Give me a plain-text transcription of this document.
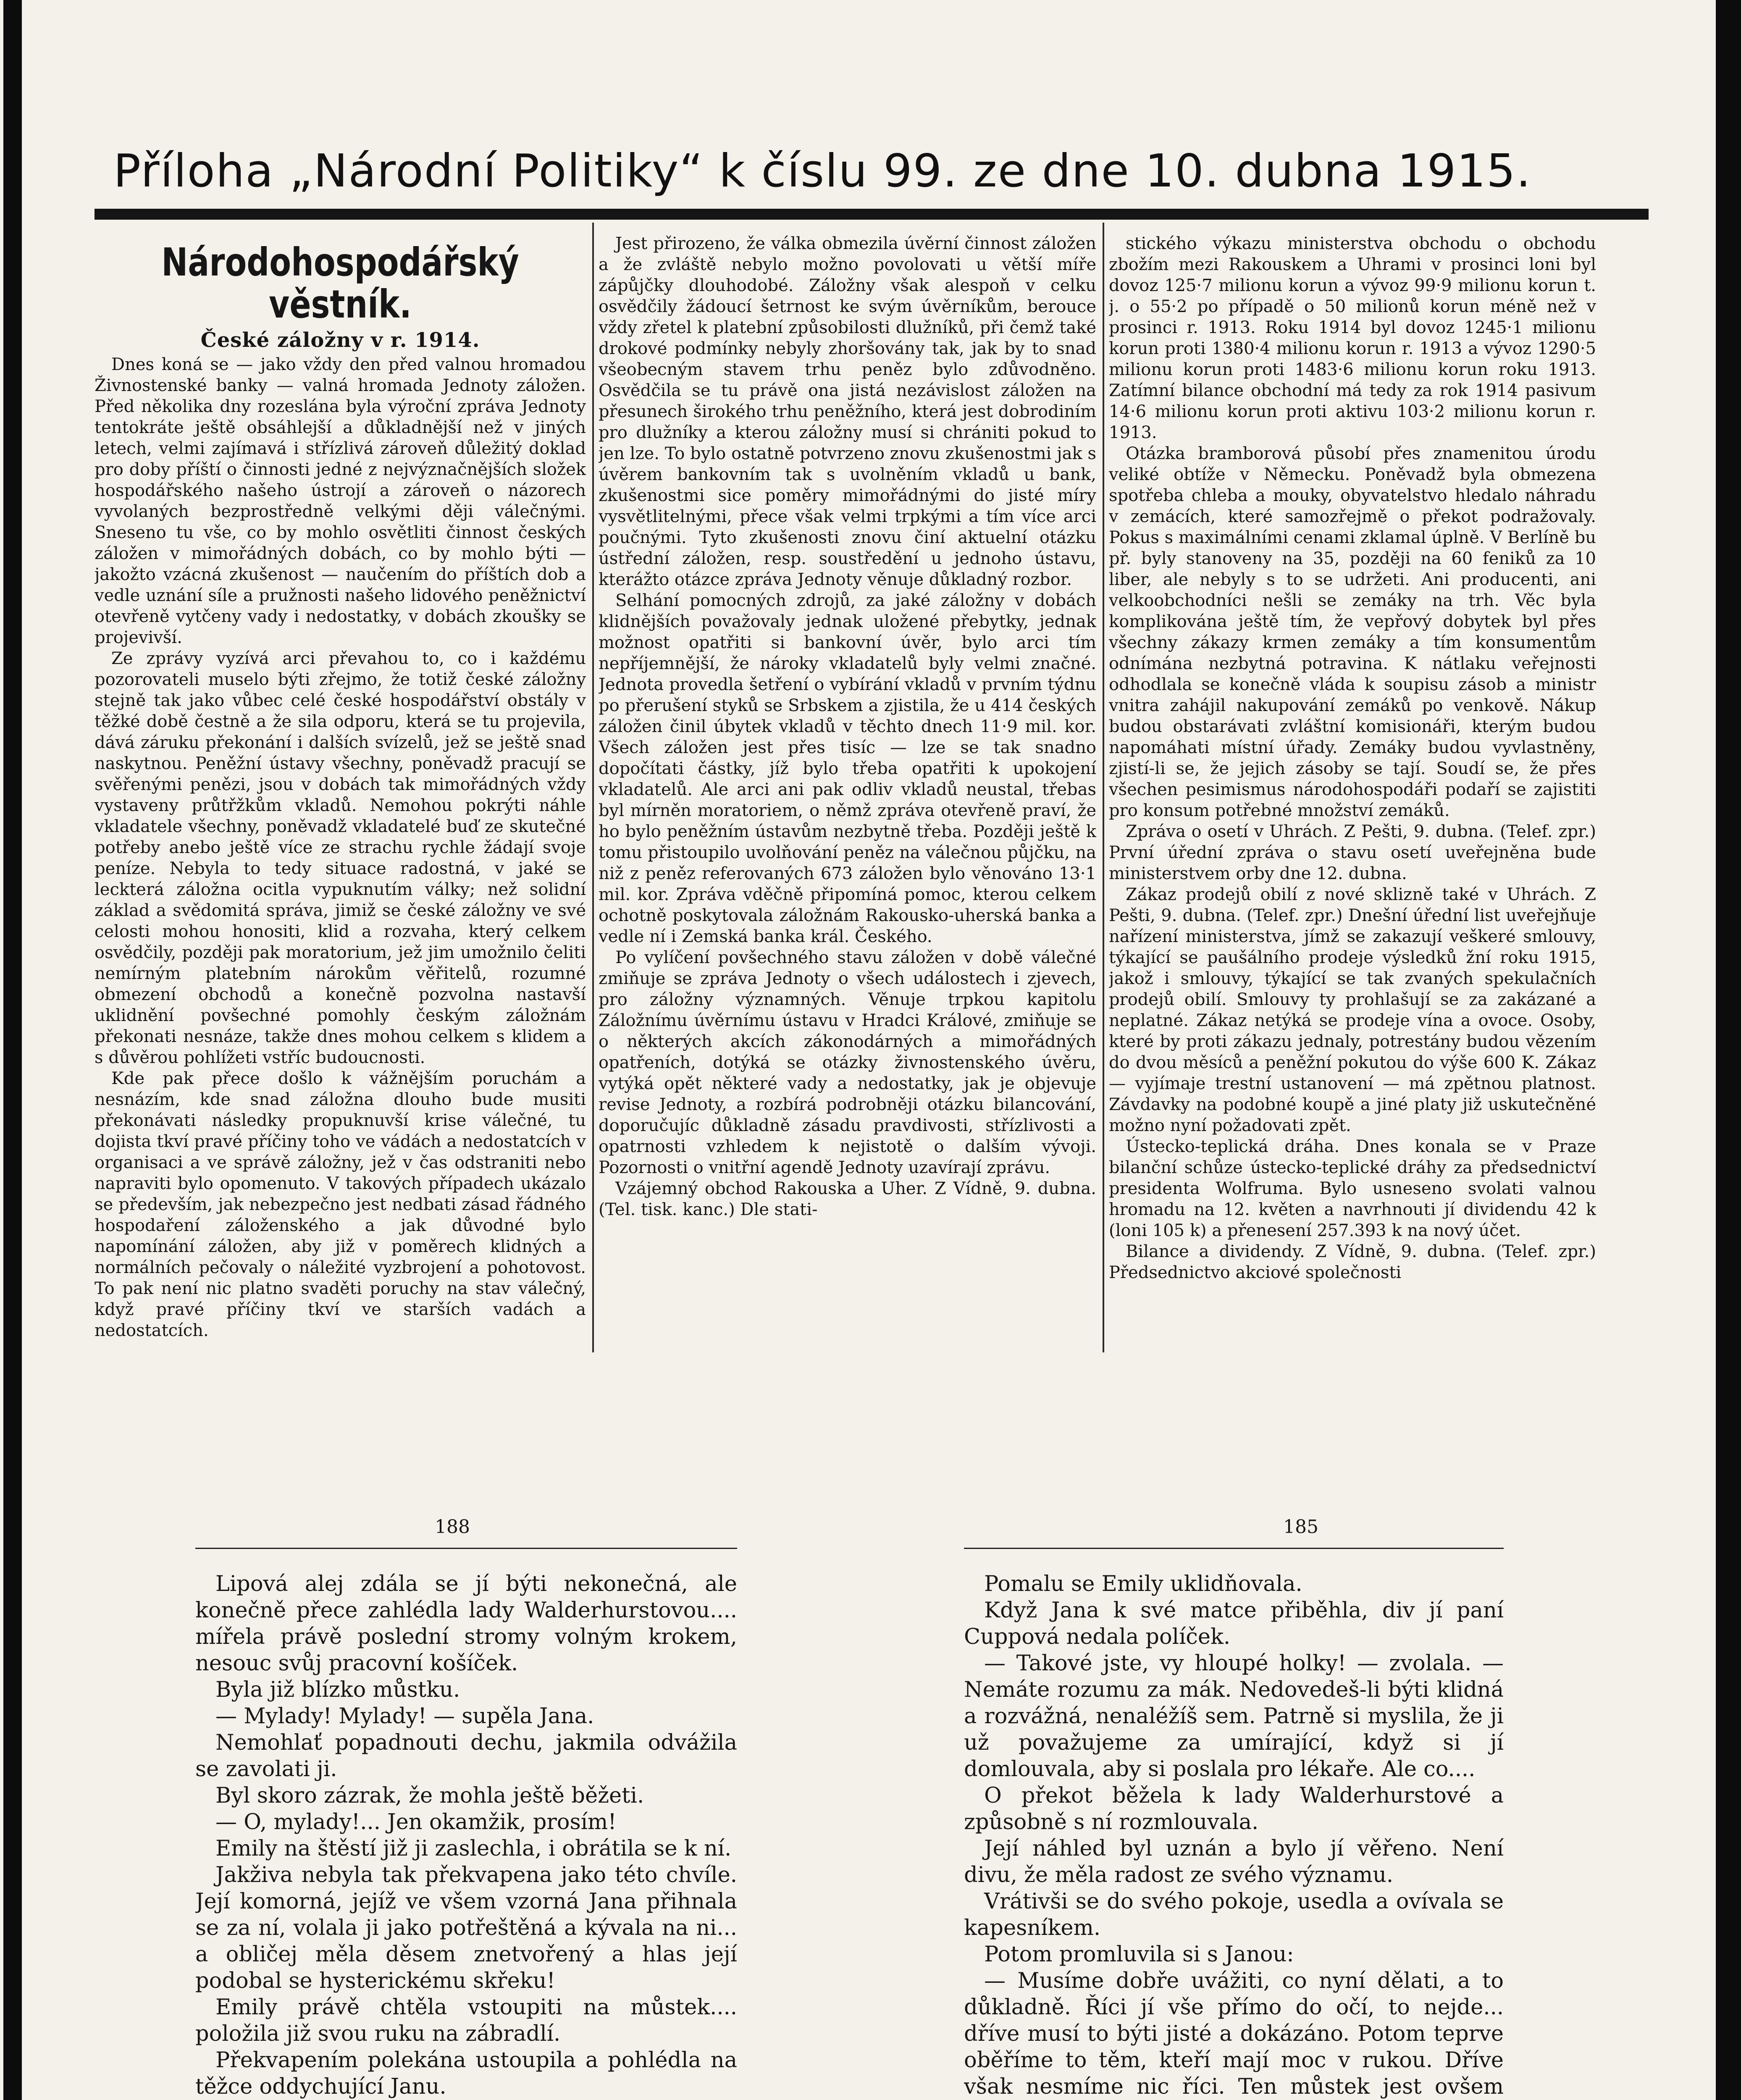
Příloha „Národní Politiky“ k číslu 99. ze dne 10. dubna 1915.
Národohospodářský věstník.
České záložny v r. 1914.

Dnes koná se — jako vždy den před valnou hromadou Živnostenské banky — valná hromada Jednoty záložen. Před několika dny rozeslána byla výroční zpráva Jednoty tentokráte ještě obsáhlejší a důkladnější než v jiných letech, velmi zajímavá i střízlivá zároveň důležitý doklad pro doby příští o činnosti jedné z nejvýznačnějších složek hospodářského našeho ústrojí a zároveň o názorech vyvolaných bezprostředně velkými ději válečnými. Sneseno tu vše, co by mohlo osvětliti činnost českých záložen v mimořádných dobách, co by mohlo býti — jakožto vzácná zkušenost — naučením do příštích dob a vedle uznání síle a pružnosti našeho lidového peněžnictví otevřeně vytčeny vady i nedostatky, v dobách zkoušky se projevivší.

Ze zprávy vyzívá arci převahou to, co i každému pozorovateli muselo býti zřejmo, že totiž české záložny stejně tak jako vůbec celé české hospodářství obstály v těžké době čestně a že sila odporu, která se tu projevila, dává záruku překonání i dalších svízelů, jež se ještě snad naskytnou. Peněžní ústavy všechny, poněvadž pracují se svěřenými penězi, jsou v dobách tak mimořádných vždy vystaveny průtřžkům vkladů. Nemohou pokrýti náhle vkladatele všechny, poněvadž vkladatelé buď ze skutečné potřeby anebo ještě více ze strachu rychle žádají svoje peníze. Nebyla to tedy situace radostná, v jaké se leckterá záložna ocitla vypuknutím války; než solidní základ a svědomitá správa, jimiž se české záložny ve své celosti mohou honositi, klid a rozvaha, který celkem osvědčily, později pak moratorium, jež jim umožnilo čeliti nemírným platebním nárokům věřitelů, rozumné obmezení obchodů a konečně pozvolna nastavší uklidnění povšechné pomohly českým záložnám překonati nesnáze, takže dnes mohou celkem s klidem a s důvěrou pohlížeti vstříc budoucnosti.

Kde pak přece došlo k vážnějším poruchám a nesnázím, kde snad záložna dlouho bude musiti překonávati následky propuknuvší krise válečné, tu dojista tkví pravé příčiny toho ve vádách a nedostatcích v organisaci a ve správě záložny, jež v čas odstraniti nebo napraviti bylo opomenuto. V takových případech ukázalo se především, jak nebezpečno jest nedbati zásad řádného hospodaření záloženského a jak důvodné bylo napomínání záložen, aby již v poměrech klidných a normálních pečovaly o náležité vyzbrojení a pohotovost. To pak není nic platno svaděti poruchy na stav válečný, když pravé příčiny tkví ve starších vadách a nedostatcích.

Jest přirozeno, že válka obmezila úvěrní činnost záložen a že zvláště nebylo možno povolovati u větší míře zápůjčky dlouhodobé. Záložny však alespoň v celku osvědčily žádoucí šetrnost ke svým úvěrníkům, berouce vždy zřetel k platební způsobilosti dlužníků, při čemž také drokové podmínky nebyly zhoršovány tak, jak by to snad všeobecným stavem trhu peněz bylo zdůvodněno. Osvědčila se tu právě ona jistá nezávislost záložen na přesunech širokého trhu peněžního, která jest dobrodiním pro dlužníky a kterou záložny musí si chrániti pokud to jen lze. To bylo ostatně potvrzeno znovu zkušenostmi jak s úvěrem bankovním tak s uvolněním vkladů u bank, zkušenostmi sice poměry mimořádnými do jisté míry vysvětlitelnými, přece však velmi trpkými a tím více arci poučnými. Tyto zkušenosti znovu činí aktuelní otázku ústřední záložen, resp. soustředění u jednoho ústavu, kterážto otázce zpráva Jednoty věnuje důkladný rozbor.

Selhání pomocných zdrojů, za jaké záložny v dobách klidnějších považovaly jednak uložené přebytky, jednak možnost opatřiti si bankovní úvěr, bylo arci tím nepříjemnější, že nároky vkladatelů byly velmi značné. Jednota provedla šetření o vybírání vkladů v prvním týdnu po přerušení styků se Srbskem a zjistila, že u 414 českých záložen činil úbytek vkladů v těchto dnech 11·9 mil. kor. Všech záložen jest přes tisíc — lze se tak snadno dopočítati částky, jíž bylo třeba opatřiti k upokojení vkladatelů. Ale arci ani pak odliv vkladů neustal, třebas byl mírněn moratoriem, o němž zpráva otevřeně praví, že ho bylo peněžním ústavům nezbytně třeba. Později ještě k tomu přistoupilo uvolňování peněz na válečnou půjčku, na niž z peněz referovaných 673 záložen bylo věnováno 13·1 mil. kor. Zpráva vděčně připomíná pomoc, kterou celkem ochotně poskytovala záložnám Rakousko-uherská banka a vedle ní i Zemská banka král. Českého.

Po vylíčení povšechného stavu záložen v době válečné zmiňuje se zpráva Jednoty o všech událostech i zjevech, pro záložny významných. Věnuje trpkou kapitolu Záložnímu úvěrnímu ústavu v Hradci Králové, zmiňuje se o některých akcích zákonodárných a mimořádných opatřeních, dotýká se otázky živnostenského úvěru, vytýká opět některé vady a nedostatky, jak je objevuje revise Jednoty, a rozbírá podrobněji otázku bilancování, doporučujíc důkladně zásadu pravdivosti, střízlivosti a opatrnosti vzhledem k nejistotě o dalším vývoji. Pozornosti o vnitřní agendě Jednoty uzavírají zprávu.

Vzájemný obchod Rakouska a Uher. Z Vídně, 9. dubna. (Tel. tisk. kanc.) Dle stati-

stického výkazu ministerstva obchodu o obchodu zbožím mezi Rakouskem a Uhrami v prosinci loni byl dovoz 125·7 milionu korun a vývoz 99·9 milionu korun t. j. o 55·2 po případě o 50 milionů korun méně než v prosinci r. 1913. Roku 1914 byl dovoz 1245·1 milionu korun proti 1380·4 milionu korun r. 1913 a vývoz 1290·5 milionu korun proti 1483·6 milionu korun roku 1913. Zatímní bilance obchodní má tedy za rok 1914 pasivum 14·6 milionu korun proti aktivu 103·2 milionu korun r. 1913.

Otázka bramborová působí přes znamenitou úrodu veliké obtíže v Německu. Poněvadž byla obmezena spotřeba chleba a mouky, obyvatelstvo hledalo náhradu v zemácích, které samozřejmě o překot podražovaly. Pokus s maximálními cenami zklamal úplně. V Berlíně bu př. byly stanoveny na 35, později na 60 feniků za 10 liber, ale nebyly s to se udržeti. Ani producenti, ani velkoobchodníci nešli se zemáky na trh. Věc byla komplikována ještě tím, že vepřový dobytek byl přes všechny zákazy krmen zemáky a tím konsumentům odnímána nezbytná potravina. K nátlaku veřejnosti odhodlala se konečně vláda k soupisu zásob a ministr vnitra zahájil nakupování zemáků po venkově. Nákup budou obstarávati zvláštní komisionáři, kterým budou napomáhati místní úřady. Zemáky budou vyvlastněny, zjistí-li se, že jejich zásoby se tají. Soudí se, že přes všechen pesimismus národohospodáři podaří se zajistiti pro konsum potřebné množství zemáků.

Zpráva o osetí v Uhrách. Z Pešti, 9. dubna. (Telef. zpr.) První úřední zpráva o stavu osetí uveřejněna bude ministerstvem orby dne 12. dubna.

Zákaz prodejů obilí z nové sklizně také v Uhrách. Z Pešti, 9. dubna. (Telef. zpr.) Dnešní úřední list uveřejňuje nařízení ministerstva, jímž se zakazují veškeré smlouvy, týkající se paušálního prodeje výsledků žní roku 1915, jakož i smlouvy, týkající se tak zvaných spekulačních prodejů obilí. Smlouvy ty prohlašují se za zakázané a neplatné. Zákaz netýká se prodeje vína a ovoce. Osoby, které by proti zákazu jednaly, potrestány budou vězením do dvou měsíců a peněžní pokutou do výše 600 K. Zákaz — vyjímaje trestní ustanovení — má zpětnou platnost. Závdavky na podobné koupě a jiné platy již uskutečněné možno nyní požadovati zpět.

Ústecko-teplická dráha. Dnes konala se v Praze bilanční schůze ústecko-teplické dráhy za předsednictví presidenta Wolfruma. Bylo usneseno svolati valnou hromadu na 12. květen a navrhnouti jí dividendu 42 k (loni 105 k) a přenesení 257.393 k na nový účet.

Bilance a dividendy. Z Vídně, 9. dubna. (Telef. zpr.) Předsednictvo akciové společnosti

188	185

Lipová alej zdála se jí býti nekonečná, ale konečně přece zahlédla lady Walderhurstovou.... mířela právě poslední stromy volným krokem, nesouc svůj pracovní košíček.

Byla již blízko můstku.

— Mylady! Mylady! — supěla Jana.

Nemohlať popadnouti dechu, jakmila odvážila se zavolati ji.

Byl skoro zázrak, že mohla ještě běžeti.

— O, mylady!... Jen okamžik, prosím!

Emily na štěstí již ji zaslechla, i obrátila se k ní.

Jakživa nebyla tak překvapena jako této chvíle. Její komorná, jejíž ve všem vzorná Jana přihnala se za ní, volala ji jako potřeštěná a kývala na ni... a obličej měla děsem znetvořený a hlas její podobal se hysterickému skřeku!

Emily právě chtěla vstoupiti na můstek.... položila již svou ruku na zábradlí.

Překvapením polekána ustoupila a pohlédla na těžce oddychující Janu.

Pomalu se Emily uklidňovala.

Když Jana k své matce přiběhla, div jí paní Cuppová nedala políček.

— Takové jste, vy hloupé holky! — zvolala. — Nemáte rozumu za mák. Nedovedeš-li býti klidná a rozvážná, nenaléžíš sem. Patrně si myslila, že ji už považujeme za umírající, když si jí domlouvala, aby si poslala pro lékaře. Ale co....

O překot běžela k lady Walderhurstové a způsobně s ní rozmlouvala.

Její náhled byl uznán a bylo jí věřeno. Není divu, že měla radost ze svého významu.

Vrátivši se do svého pokoje, usedla a ovívala se kapesníkem.

Potom promluvila si s Janou:

— Musíme dobře uvážiti, co nyní dělati, a to důkladně. Říci jí vše přímo do očí, to nejde... dříve musí to býti jisté a dokázáno. Potom teprve oběříme to těm, kteří mají moc v rukou. Dříve však nesmíme nic říci. Ten můstek jest ovšem
